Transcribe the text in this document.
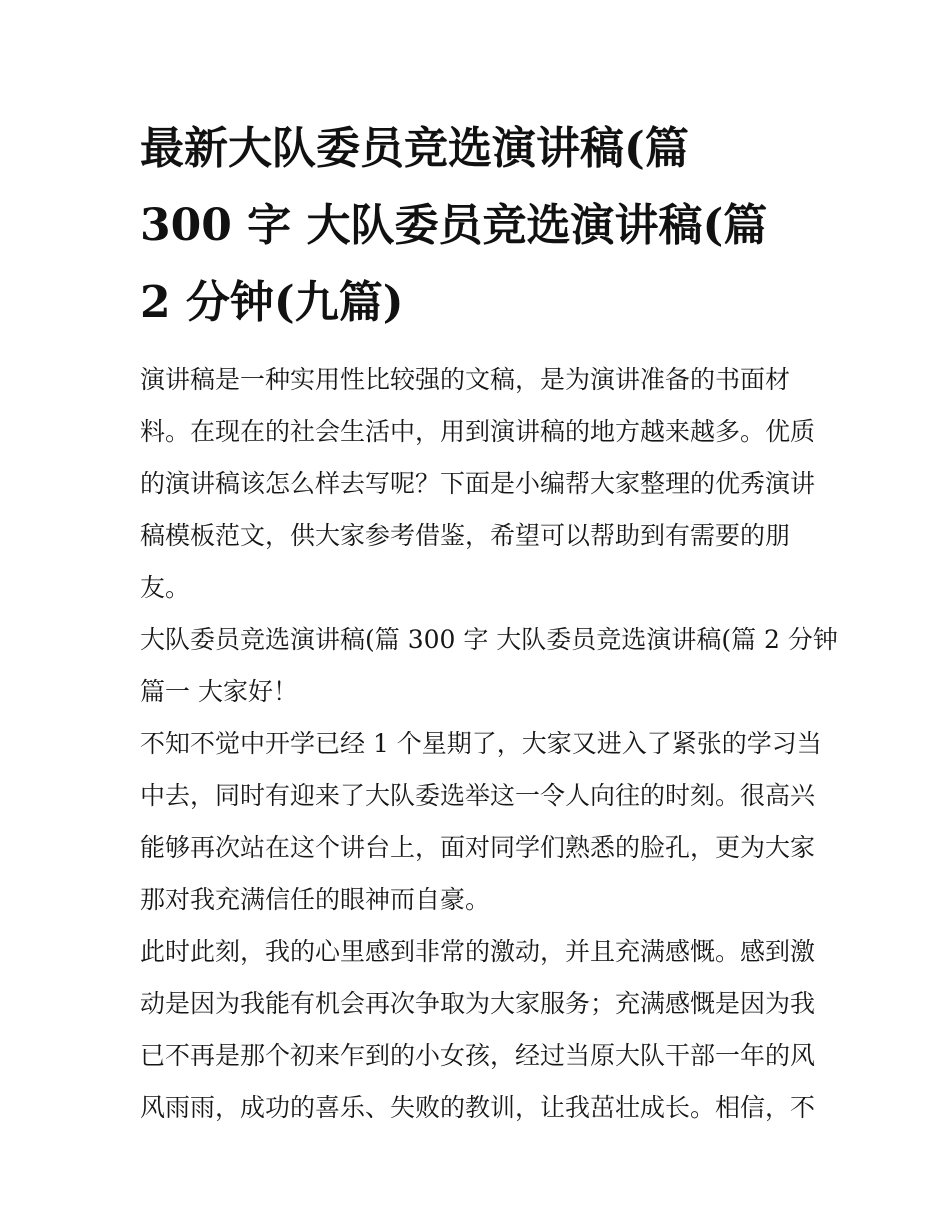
最新大队委员竞选演讲稿(篇
300 字 大队委员竞选演讲稿(篇
2 分钟(九篇)

演讲稿是一种实用性比较强的文稿，是为演讲准备的书面材
料。在现在的社会生活中，用到演讲稿的地方越来越多。优质
的演讲稿该怎么样去写呢？下面是小编帮大家整理的优秀演讲
稿模板范文，供大家参考借鉴，希望可以帮助到有需要的朋
友。

大队委员竞选演讲稿(篇 300 字 大队委员竞选演讲稿(篇 2 分钟
篇一 大家好！

不知不觉中开学已经 1 个星期了，大家又进入了紧张的学习当
中去，同时有迎来了大队委选举这一令人向往的时刻。很高兴
能够再次站在这个讲台上，面对同学们熟悉的脸孔，更为大家
那对我充满信任的眼神而自豪。

此时此刻，我的心里感到非常的激动，并且充满感慨。感到激
动是因为我能有机会再次争取为大家服务；充满感慨是因为我
已不再是那个初来乍到的小女孩，经过当原大队干部一年的风
风雨雨，成功的喜乐、失败的教训，让我茁壮成长。相信，不
